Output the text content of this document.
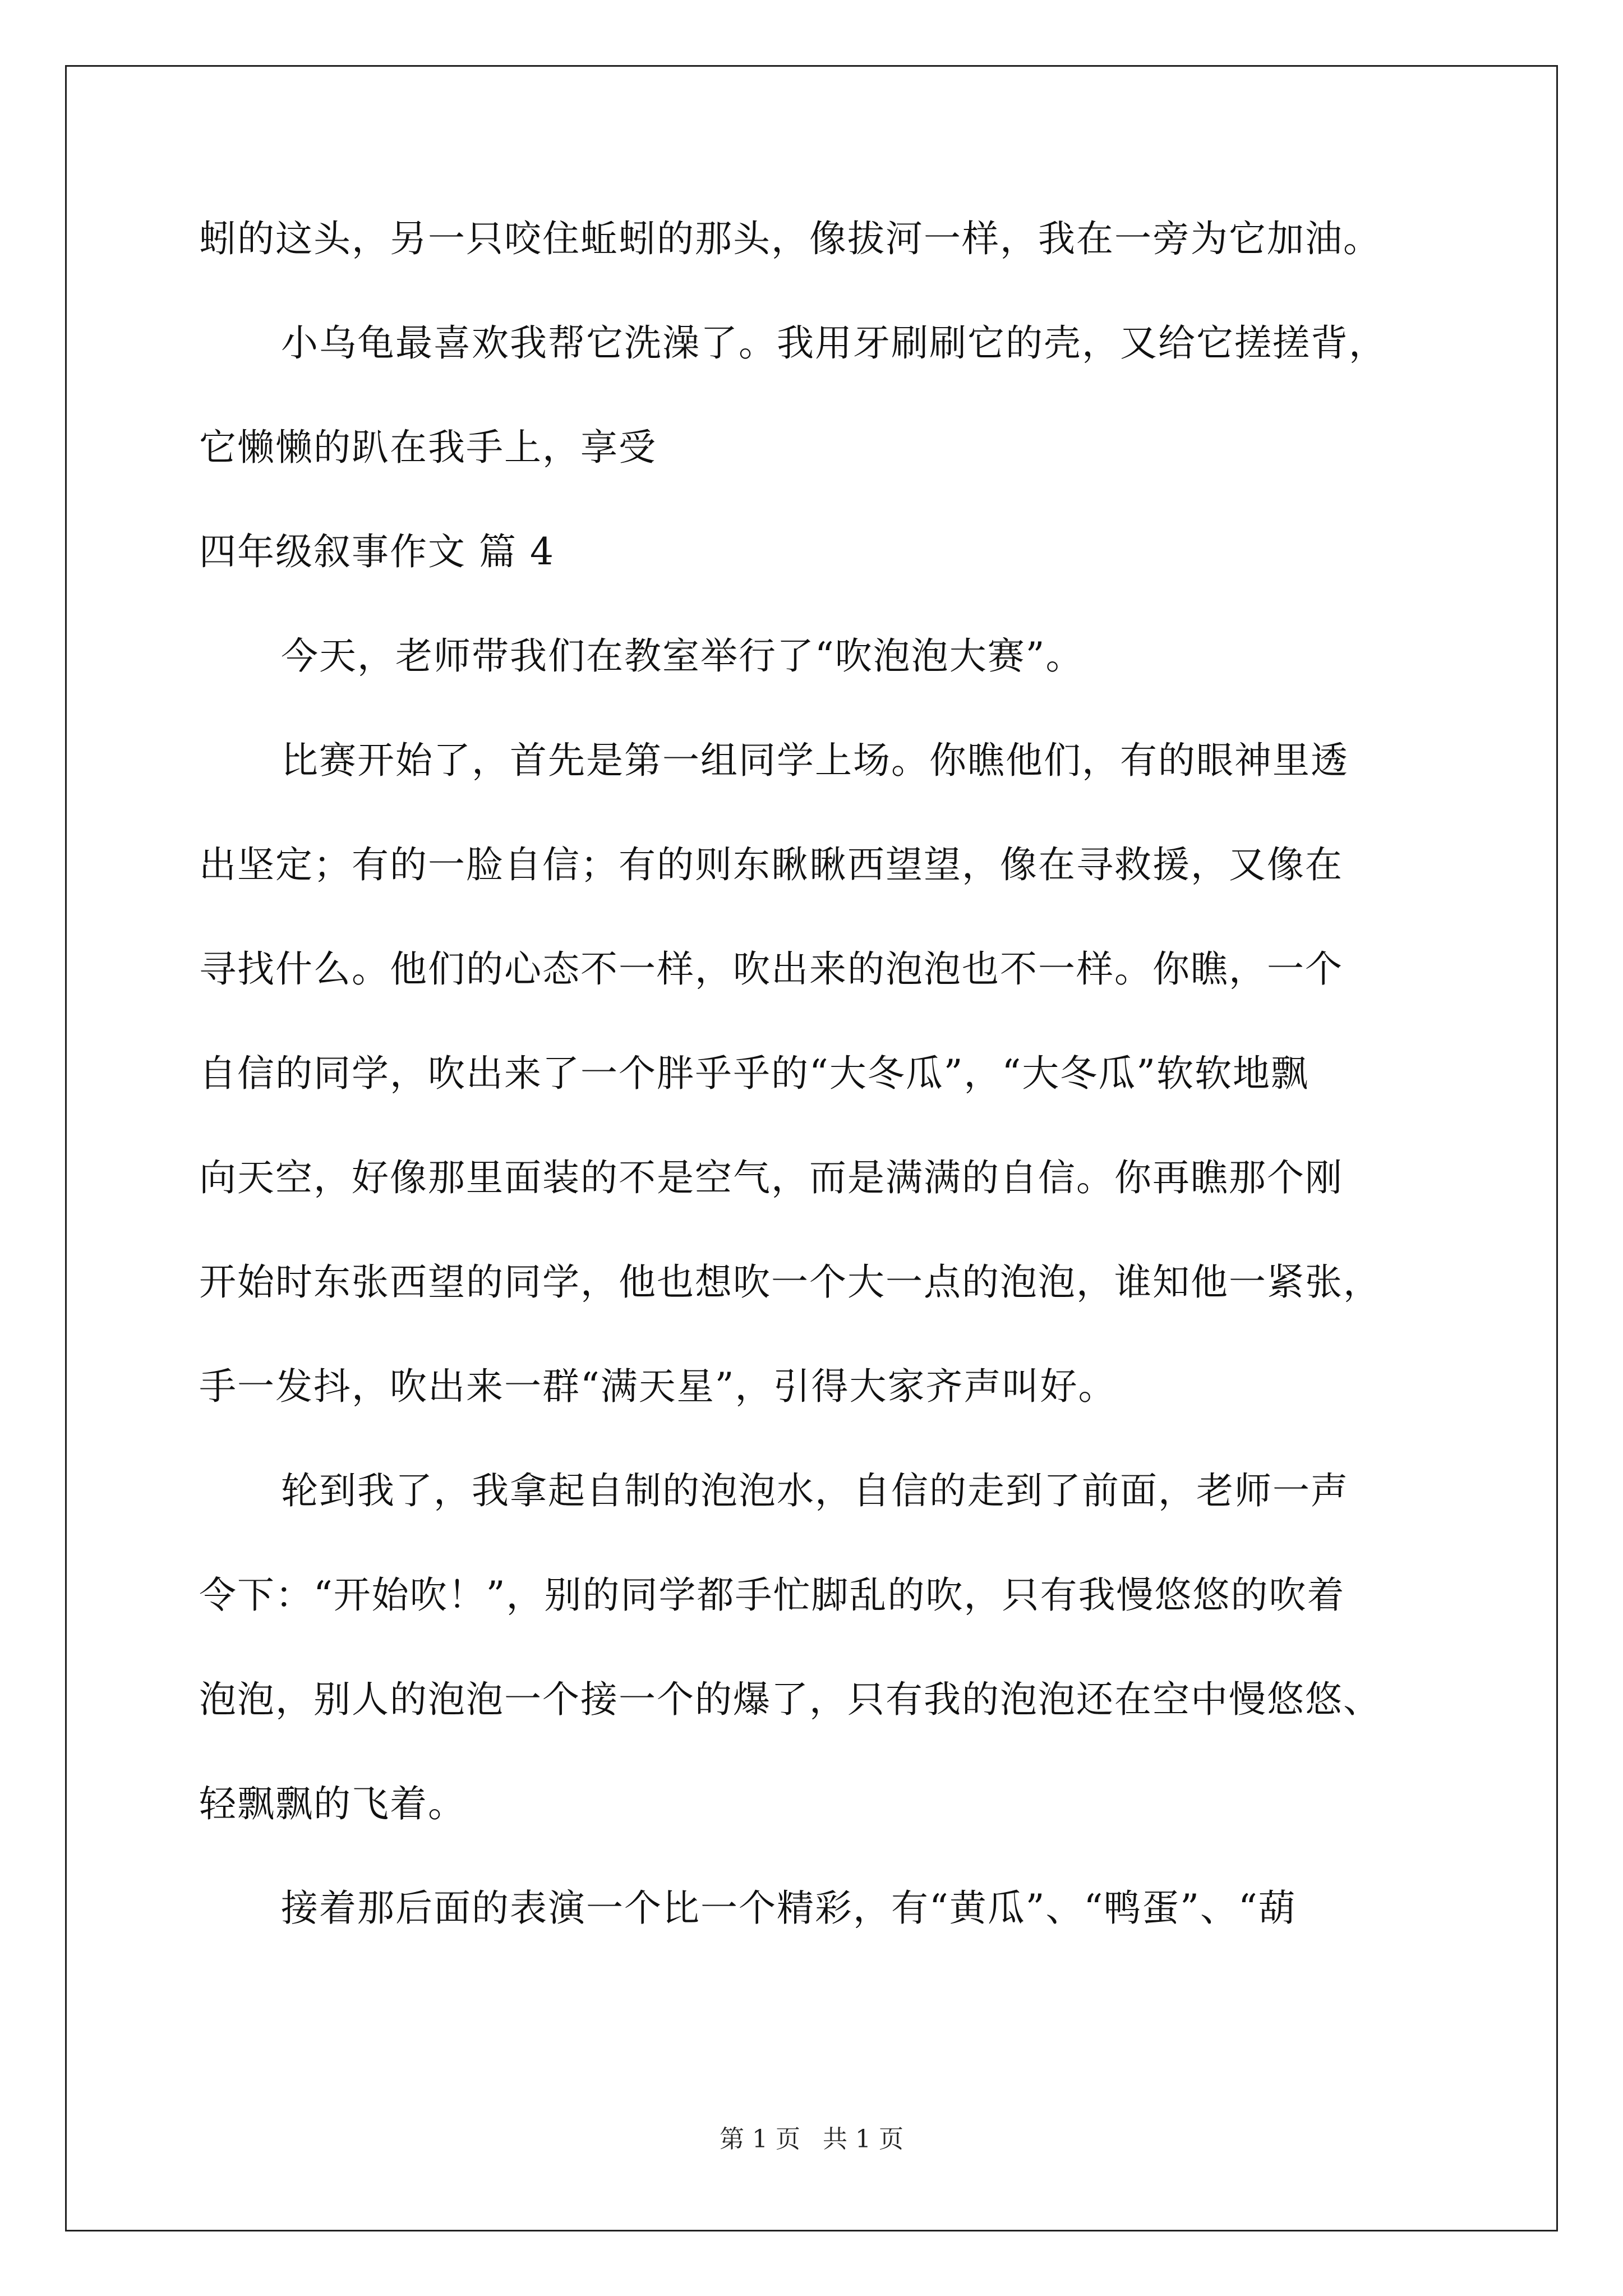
蚓的这头，另一只咬住蚯蚓的那头，像拔河一样，我在一旁为它加油。
小乌龟最喜欢我帮它洗澡了。我用牙刷刷它的壳，又给它搓搓背，
它懒懒的趴在我手上，享受
四年级叙事作文 篇 4
今天，老师带我们在教室举行了“吹泡泡大赛”。
比赛开始了，首先是第一组同学上场。你瞧他们，有的眼神里透
出坚定；有的一脸自信；有的则东瞅瞅西望望，像在寻救援，又像在
寻找什么。他们的心态不一样，吹出来的泡泡也不一样。你瞧，一个
自信的同学，吹出来了一个胖乎乎的“大冬瓜”，“大冬瓜”软软地飘
向天空，好像那里面装的不是空气，而是满满的自信。你再瞧那个刚
开始时东张西望的同学，他也想吹一个大一点的泡泡，谁知他一紧张，
手一发抖，吹出来一群“满天星”，引得大家齐声叫好。
轮到我了，我拿起自制的泡泡水，自信的走到了前面，老师一声
令下：“开始吹！”，别的同学都手忙脚乱的吹，只有我慢悠悠的吹着
泡泡，别人的泡泡一个接一个的爆了，只有我的泡泡还在空中慢悠悠、
轻飘飘的飞着。
接着那后面的表演一个比一个精彩，有“黄瓜”、“鸭蛋”、“葫
第 1 页 共 1 页
